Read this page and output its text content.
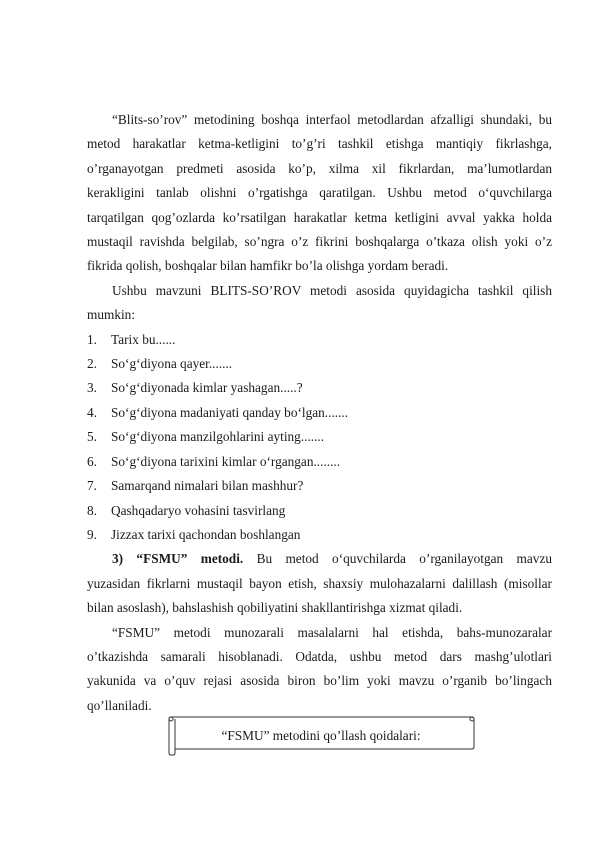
“Blits-so’rov” metodining boshqa interfaol metodlardan afzalligi shundaki, bu
metod harakatlar ketma-ketligini to’g’ri tashkil etishga mantiqiy fikrlashga,
o’rganayotgan predmeti asosida ko’p, xilma xil fikrlardan, ma’lumotlardan
kerakligini tanlab olishni o’rgatishga qaratilgan. Ushbu metod o‘quvchilarga
tarqatilgan qog’ozlarda ko’rsatilgan harakatlar ketma ketligini avval yakka holda
mustaqil ravishda belgilab, so’ngra o’z fikrini boshqalarga o’tkaza olish yoki o’z
fikrida qolish, boshqalar bilan hamfikr bo’la olishga yordam beradi.

Ushbu mavzuni BLITS-SO’ROV metodi asosida quyidagicha tashkil qilish
mumkin:

1. Tarix bu......
2. So‘g‘diyona qayer.......
3. So‘g‘diyonada kimlar yashagan.....?
4. So‘g‘diyona madaniyati qanday bo‘lgan.......
5. So‘g‘diyona manzilgohlarini ayting.......
6. So‘g‘diyona tarixini kimlar o‘rgangan........
7. Samarqand nimalari bilan mashhur?
8. Qashqadaryo vohasini tasvirlang
9. Jizzax tarixi qachondan boshlangan

3) “FSMU” metodi. Bu metod o‘quvchilarda o’rganilayotgan mavzu
yuzasidan fikrlarni mustaqil bayon etish, shaxsiy mulohazalarni dalillash (misollar
bilan asoslash), bahslashish qobiliyatini shakllantirishga xizmat qiladi.

“FSMU” metodi munozarali masalalarni hal etishda, bahs-munozaralar
o’tkazishda samarali hisoblanadi. Odatda, ushbu metod dars mashg’ulotlari
yakunida va o’quv rejasi asosida biron bo’lim yoki mavzu o’rganib bo’lingach
qo’llaniladi.

“FSMU” metodini qo’llash qoidalari:
